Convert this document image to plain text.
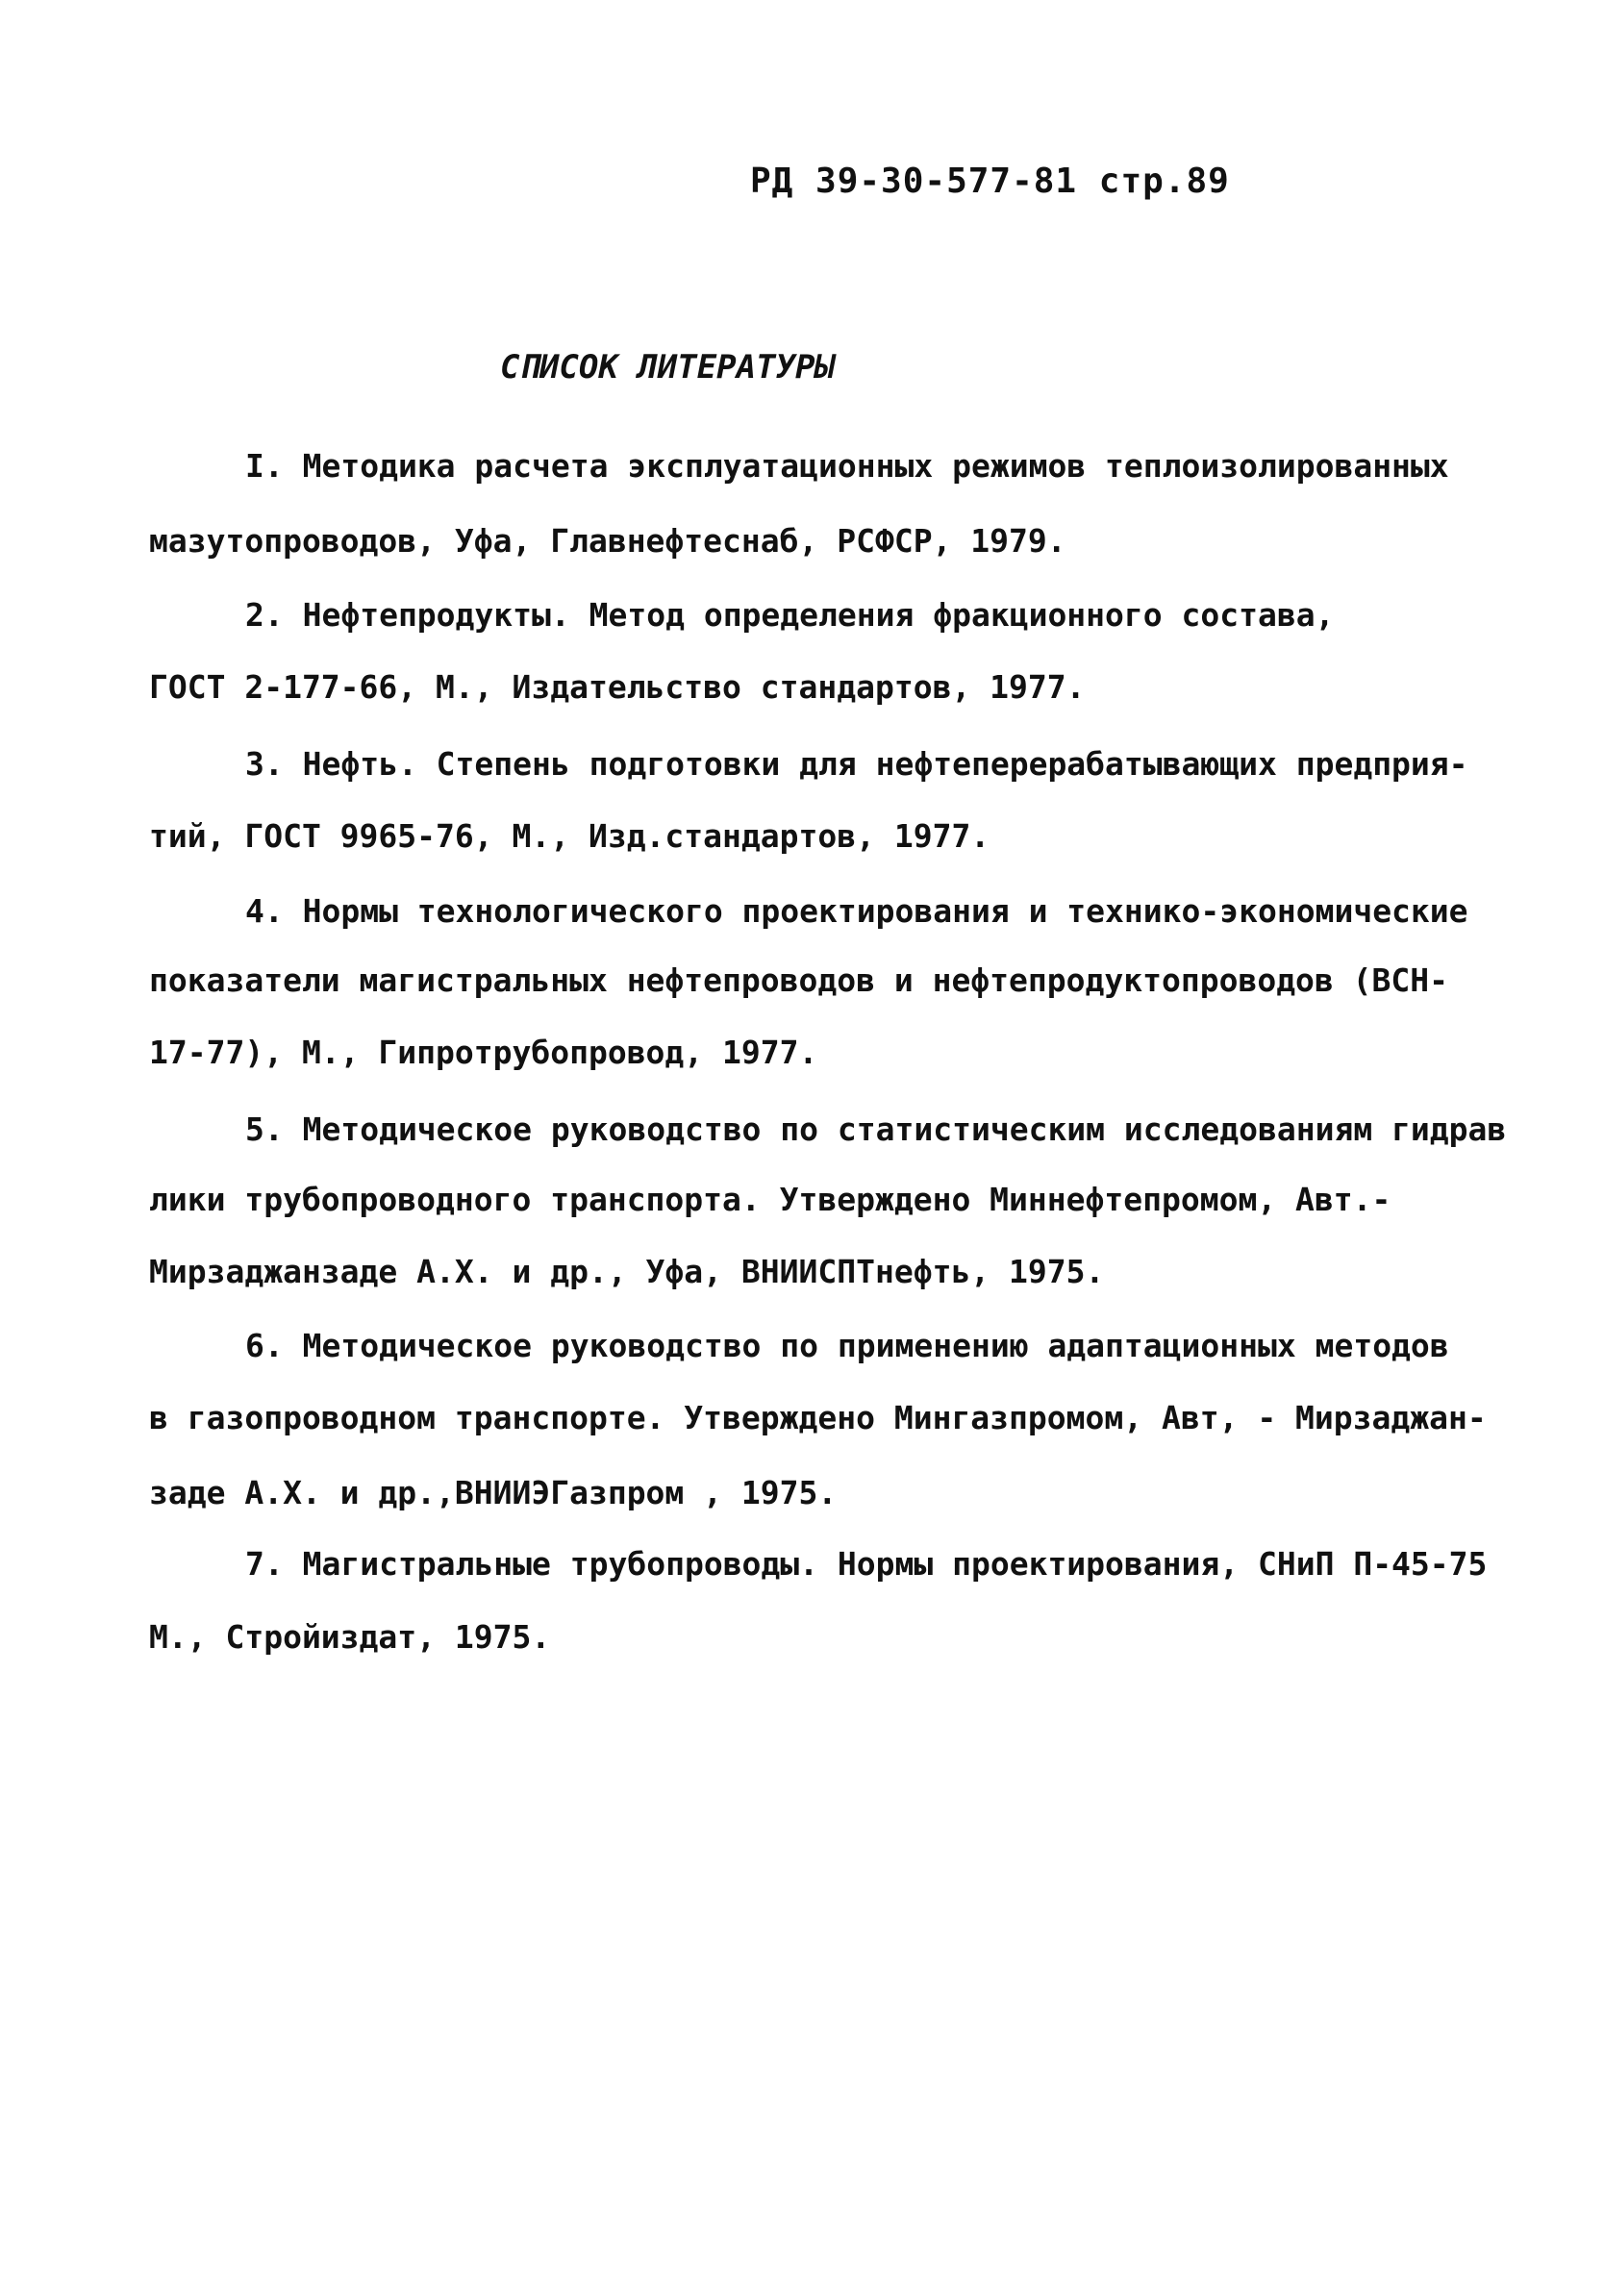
РД 39-30-577-81 стр.89
СПИСОК ЛИТЕРАТУРЫ
I. Методика расчета эксплуатационных режимов теплоизолированных
мазутопроводов, Уфа, Главнефтеснаб, РСФСР, 1979.
2. Нефтепродукты. Метод определения фракционного состава,
ГОСТ 2-177-66, М., Издательство стандартов, 1977.
3. Нефть. Степень подготовки для нефтеперерабатывающих предприя-
тий, ГОСТ 9965-76, М., Изд.стандартов, 1977.
4. Нормы технологического проектирования и технико-экономические
показатели магистральных нефтепроводов и нефтепродуктопроводов (ВСН-
17-77), М., Гипротрубопровод, 1977.
5. Методическое руководство по статистическим исследованиям гидрав
лики трубопроводного транспорта. Утверждено Миннефтепромом, Авт.-
Мирзаджанзаде А.Х. и др., Уфа, ВНИИСПТнефть, 1975.
6. Методическое руководство по применению адаптационных методов
в газопроводном транспорте. Утверждено Мингазпромом, Авт, - Мирзаджан-
заде А.Х. и др.,ВНИИЭГазпром , 1975.
7. Магистральные трубопроводы. Нормы проектирования, СНиП П-45-75
М., Стройиздат, 1975.
